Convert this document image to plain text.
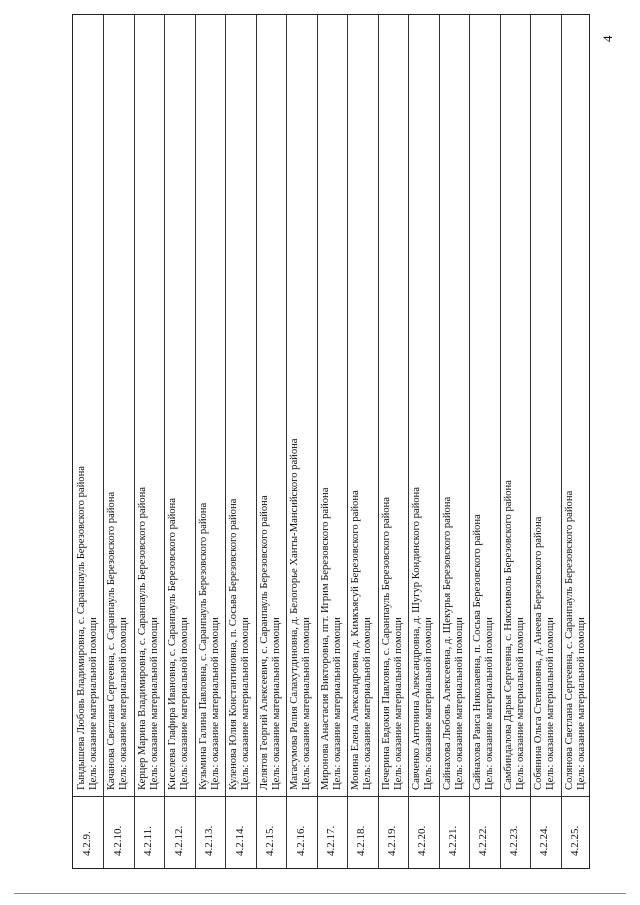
4
4.2.9.
Гындышева Любовь Владимировна, с. Саранпауль Березовского района Цель: оказание материальной помощи
4.2.10.
Качанова Светлана Сергеевна, с. Саранпауль Березовского района Цель: оказание материальной помощи
4.2.11.
Керцер Марина Владимировна, с. Саранпауль Березовского района Цель: оказание материальной помощи
4.2.12.
Киселева Глафира Ивановна, с. Саранпауль Березовского района Цель: оказание материальной помощи
4.2.13.
Кузьмина Галина Павловна, с. Саранпауль Березовского района Цель: оказание материальной помощи
4.2.14.
Куленова Юлия Константиновна, п. Сосьва Березовского района Цель: оказание материальной помощи
4.2.15.
Лелятов Георгий Алексеевич, с. Саранпауль Березовского района Цель: оказание материальной помощи
4.2.16.
Магасумова Ралия Салахутдиновна, д. Белогорье Ханты-Мансийского района Цель: оказание материальной помощи
4.2.17.
Миронова Анастасия Викторовна, пгт. Игрим Березовского района Цель: оказание материальной помощи
4.2.18.
Монина Елена Александровна, д. Кимкъясуй Березовского района Цель: оказание материальной помощи
4.2.19.
Печерина Евдокия Павловна, с. Саранпауль Березовского района Цель: оказание материальной помощи
4.2.20.
Савченко Антонина Александровна, д. Шугур Кондинского района Цель: оказание материальной помощи
4.2.21.
Сайнахова Любовь Алексеевна, д. Щекурья Березовского района Цель: оказание материальной помощи
4.2.22.
Сайнахова Раиса Николаевна, п. Сосьва Березовского района Цель: оказание материальной помощи
4.2.23.
Самбиндалова Дарья Сергеевна, с. Няксимволь Березовского района Цель: оказание материальной помощи
4.2.24.
Собянина Ольга Степановна, д. Анеева Березовского района Цель: оказание материальной помощи
4.2.25.
Солянова Светлана Сергеевна, с. Саранпауль Березовского района Цель: оказание материальной помощи
